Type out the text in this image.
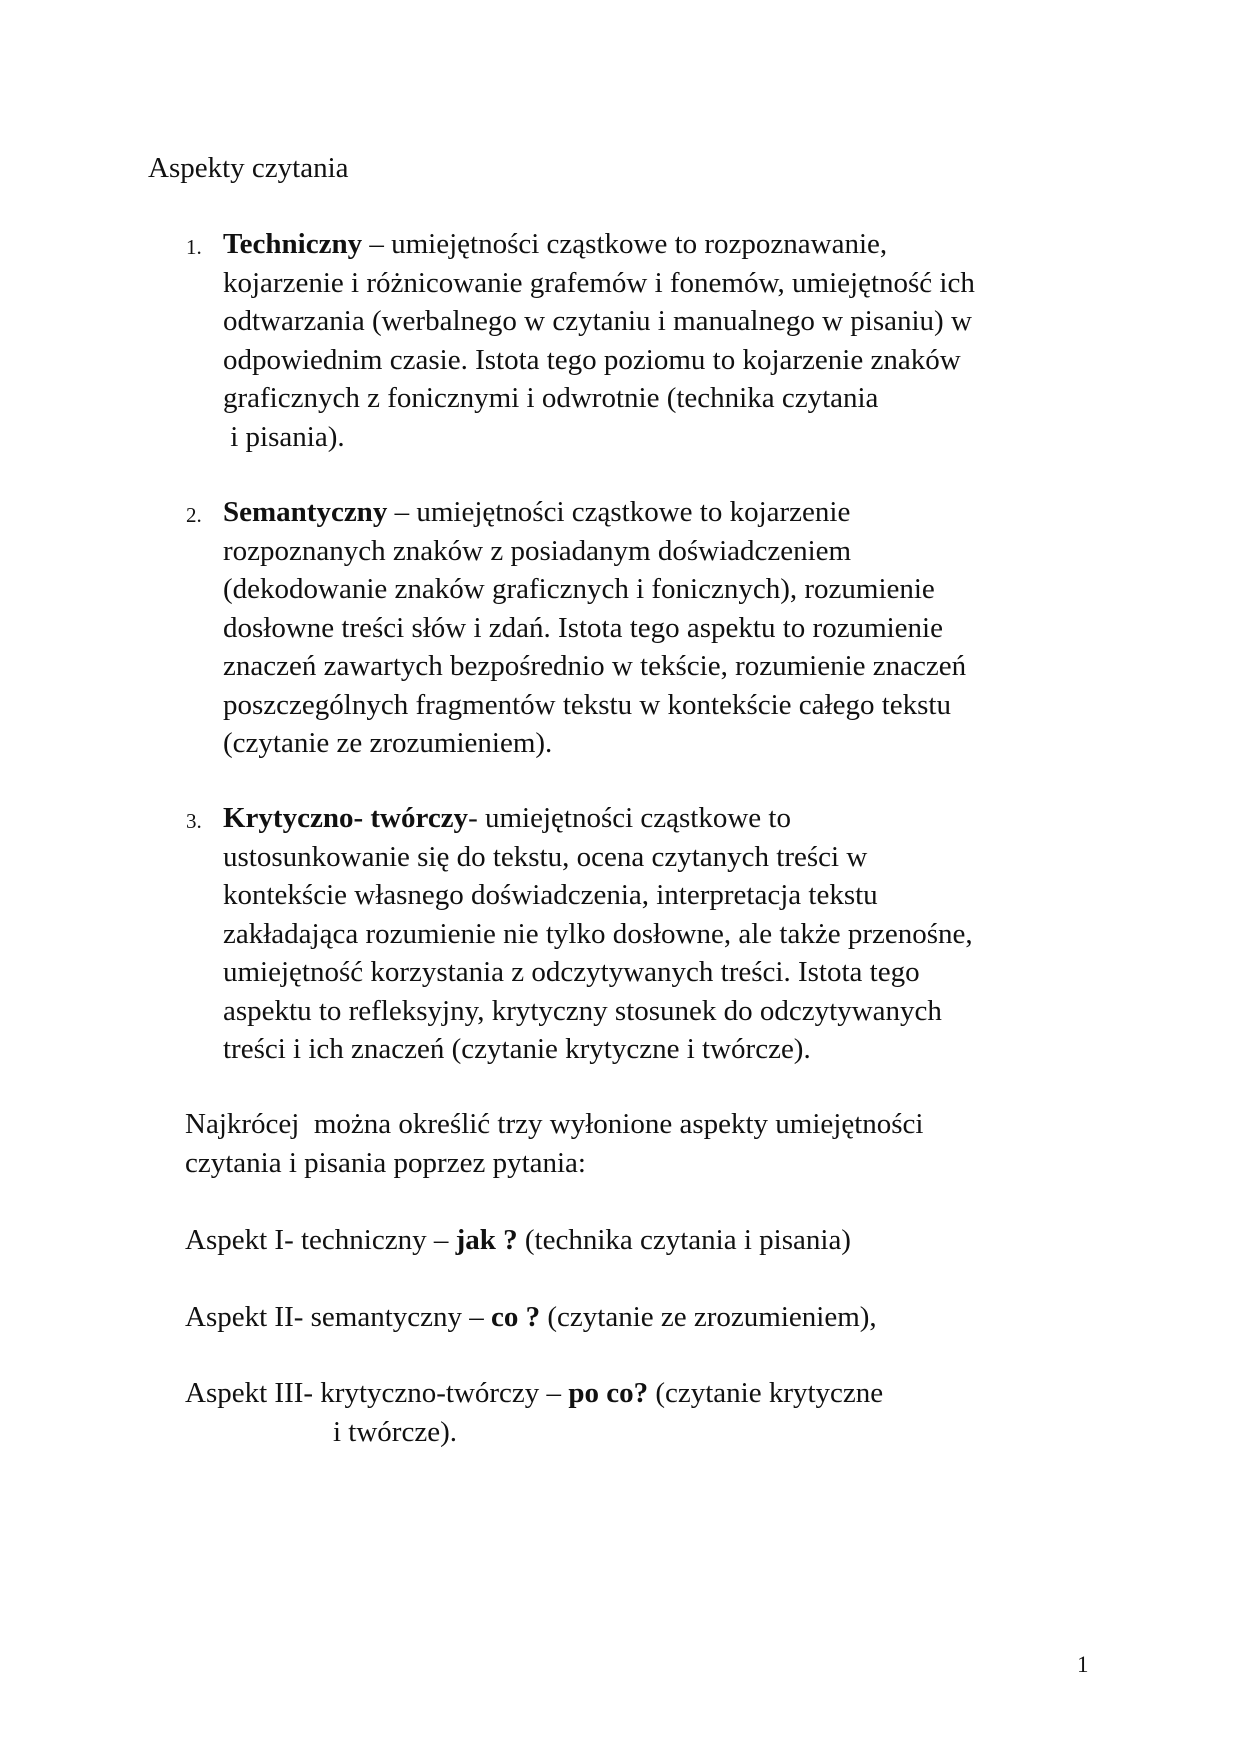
Aspekty czytania
1. Techniczny – umiejętności cząstkowe to rozpoznawanie,
kojarzenie i różnicowanie grafemów i fonemów, umiejętność ich
odtwarzania (werbalnego w czytaniu i manualnego w pisaniu) w
odpowiednim czasie. Istota tego poziomu to kojarzenie znaków
graficznych z fonicznymi i odwrotnie (technika czytania
i pisania).
2. Semantyczny – umiejętności cząstkowe to kojarzenie
rozpoznanych znaków z posiadanym doświadczeniem
(dekodowanie znaków graficznych i fonicznych), rozumienie
dosłowne treści słów i zdań. Istota tego aspektu to rozumienie
znaczeń zawartych bezpośrednio w tekście, rozumienie znaczeń
poszczególnych fragmentów tekstu w kontekście całego tekstu
(czytanie ze zrozumieniem).
3. Krytyczno- twórczy- umiejętności cząstkowe to
ustosunkowanie się do tekstu, ocena czytanych treści w
kontekście własnego doświadczenia, interpretacja tekstu
zakładająca rozumienie nie tylko dosłowne, ale także przenośne,
umiejętność korzystania z odczytywanych treści. Istota tego
aspektu to refleksyjny, krytyczny stosunek do odczytywanych
treści i ich znaczeń (czytanie krytyczne i twórcze).
Najkrócej  można określić trzy wyłonione aspekty umiejętności
czytania i pisania poprzez pytania:
Aspekt I- techniczny – jak ? (technika czytania i pisania)
Aspekt II- semantyczny – co ? (czytanie ze zrozumieniem),
Aspekt III- krytyczno-twórczy – po co? (czytanie krytyczne
i twórcze).
1
